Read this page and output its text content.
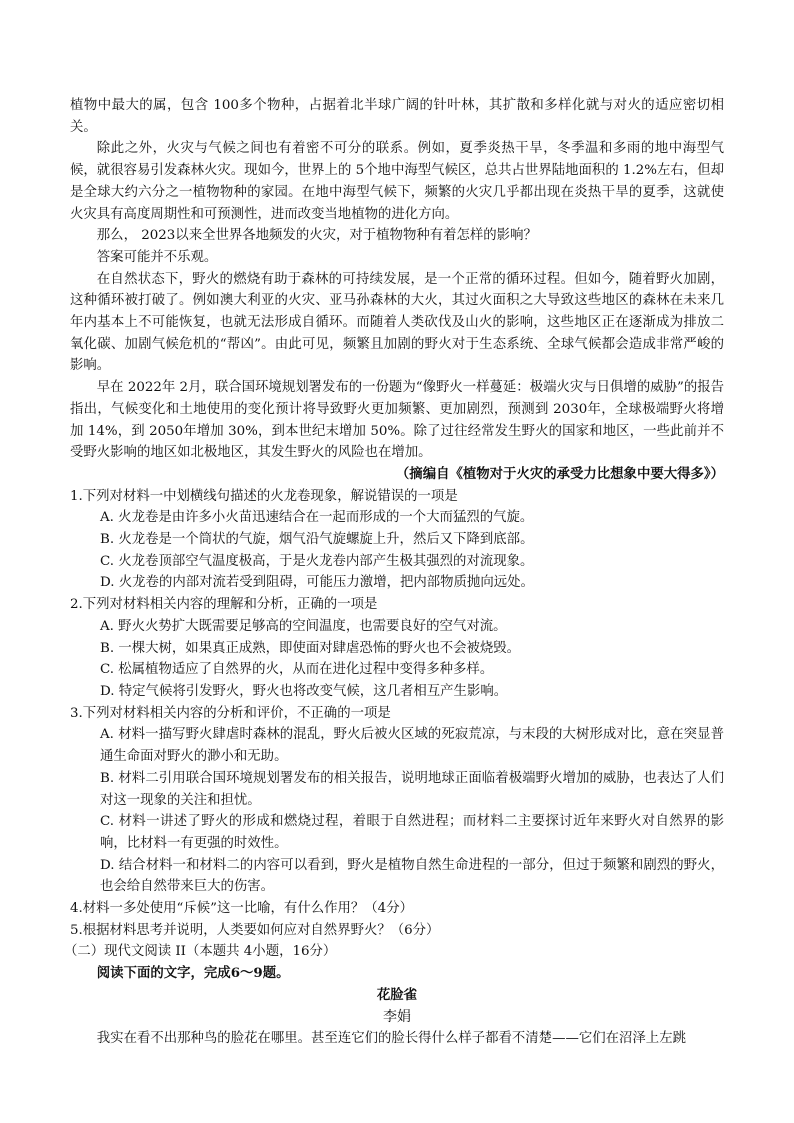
植物中最大的属，包含 100多个物种，占据着北半球广阔的针叶林，其扩散和多样化就与对火的适应密切相关。

除此之外，火灾与气候之间也有着密不可分的联系。例如，夏季炎热干旱，冬季温和多雨的地中海型气候，就很容易引发森林火灾。现如今，世界上的 5个地中海型气候区，总共占世界陆地面积的 1.2%左右，但却是全球大约六分之一植物物种的家园。在地中海型气候下，频繁的火灾几乎都出现在炎热干旱的夏季，这就使火灾具有高度周期性和可预测性，进而改变当地植物的进化方向。

那么， 2023以来全世界各地频发的火灾，对于植物物种有着怎样的影响？

答案可能并不乐观。

在自然状态下，野火的燃烧有助于森林的可持续发展，是一个正常的循环过程。但如今，随着野火加剧，这种循环被打破了。例如澳大利亚的火灾、亚马孙森林的大火，其过火面积之大导致这些地区的森林在未来几年内基本上不可能恢复，也就无法形成自循环。而随着人类砍伐及山火的影响，这些地区正在逐渐成为排放二氧化碳、加剧气候危机的“帮凶”。由此可见，频繁且加剧的野火对于生态系统、全球气候都会造成非常严峻的影响。

早在 2022年 2月，联合国环境规划署发布的一份题为“像野火一样蔓延：极端火灾与日俱增的威胁”的报告指出，气候变化和土地使用的变化预计将导致野火更加频繁、更加剧烈，预测到 2030年，全球极端野火将增加 14%，到 2050年增加 30%，到本世纪末增加 50%。除了过往经常发生野火的国家和地区，一些此前并不受野火影响的地区如北极地区，其发生野火的风险也在增加。

（摘编自《植物对于火灾的承受力比想象中要大得多》）

1.下列对材料一中划横线句描述的火龙卷现象，解说错误的一项是

A. 火龙卷是由许多小火苗迅速结合在一起而形成的一个大而猛烈的气旋。

B. 火龙卷是一个筒状的气旋，烟气沿气旋螺旋上升，然后又下降到底部。

C. 火龙卷顶部空气温度极高，于是火龙卷内部产生极其强烈的对流现象。

D. 火龙卷的内部对流若受到阻碍，可能压力激增，把内部物质抛向远处。

2.下列对材料相关内容的理解和分析，正确的一项是

A. 野火火势扩大既需要足够高的空间温度，也需要良好的空气对流。

B. 一棵大树，如果真正成熟，即使面对肆虐恐怖的野火也不会被烧毁。

C. 松属植物适应了自然界的火，从而在进化过程中变得多种多样。

D. 特定气候将引发野火，野火也将改变气候，这几者相互产生影响。

3.下列对材料相关内容的分析和评价，不正确的一项是

A. 材料一描写野火肆虐时森林的混乱，野火后被火区域的死寂荒凉，与末段的大树形成对比，意在突显普通生命面对野火的渺小和无助。

B. 材料二引用联合国环境规划署发布的相关报告，说明地球正面临着极端野火增加的威胁，也表达了人们对这一现象的关注和担忧。

C. 材料一讲述了野火的形成和燃烧过程，着眼于自然进程；而材料二主要探讨近年来野火对自然界的影响，比材料一有更强的时效性。

D. 结合材料一和材料二的内容可以看到，野火是植物自然生命进程的一部分，但过于频繁和剧烈的野火，也会给自然带来巨大的伤害。

4.材料一多处使用“斥候”这一比喻，有什么作用？（4分）

5.根据材料思考并说明，人类要如何应对自然界野火？（6分）

（二）现代文阅读 II（本题共 4小题，16分）

阅读下面的文字，完成6～9题。

花脸雀

李娟

我实在看不出那种鸟的脸花在哪里。甚至连它们的脸长得什么样子都看不清楚——它们在沼泽上左跳
